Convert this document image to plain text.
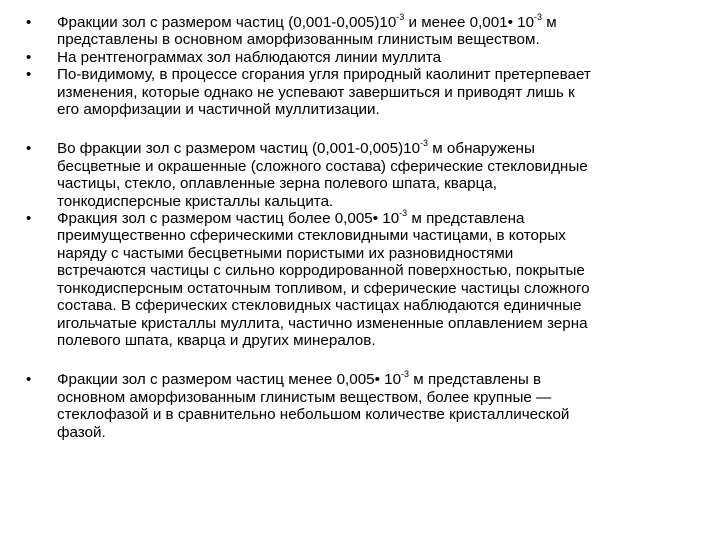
• Фракции зол с размером частиц $(0,001-0,005)10^{-3}$ и менее 0,001• $10^{-3}$ м
представлены в основном аморфизованным глинистым веществом.
• На рентгенограммах зол наблюдаются линии муллита
• По-видимому, в процессе сгорания угля природный каолинит претерпевает
изменения, которые однако не успевают завершиться и приводят лишь к
его аморфизации и частичной муллитизации.
• Во фракции зол с размером частиц $(0,001-0,005)10^{-3}$ м обнаружены
бесцветные и окрашенные (сложного состава) сферические стекловидные
частицы, стекло, оплавленные зерна полевого шпата, кварца,
тонкодисперсные кристаллы кальцита.
• Фракция зол с размером частиц более 0,005• $10^{-3}$ м представлена
преимущественно сферическими стекловидными частицами, в которых
наряду с частыми бесцветными пористыми их разновидностями
встречаются частицы с сильно корродированной поверхностью, покрытые
тонкодисперсным остаточным топливом, и сферические частицы сложного
состава. В сферических стекловидных частицах наблюдаются единичные
игольчатые кристаллы муллита, частично измененные оплавлением зерна
полевого шпата, кварца и других минералов.
• Фракции зол с размером частиц менее 0,005• $10^{-3}$ м представлены в
основном аморфизованным глинистым веществом, более крупные —
стеклофазой и в сравнительно небольшом количестве кристаллической
фазой.
